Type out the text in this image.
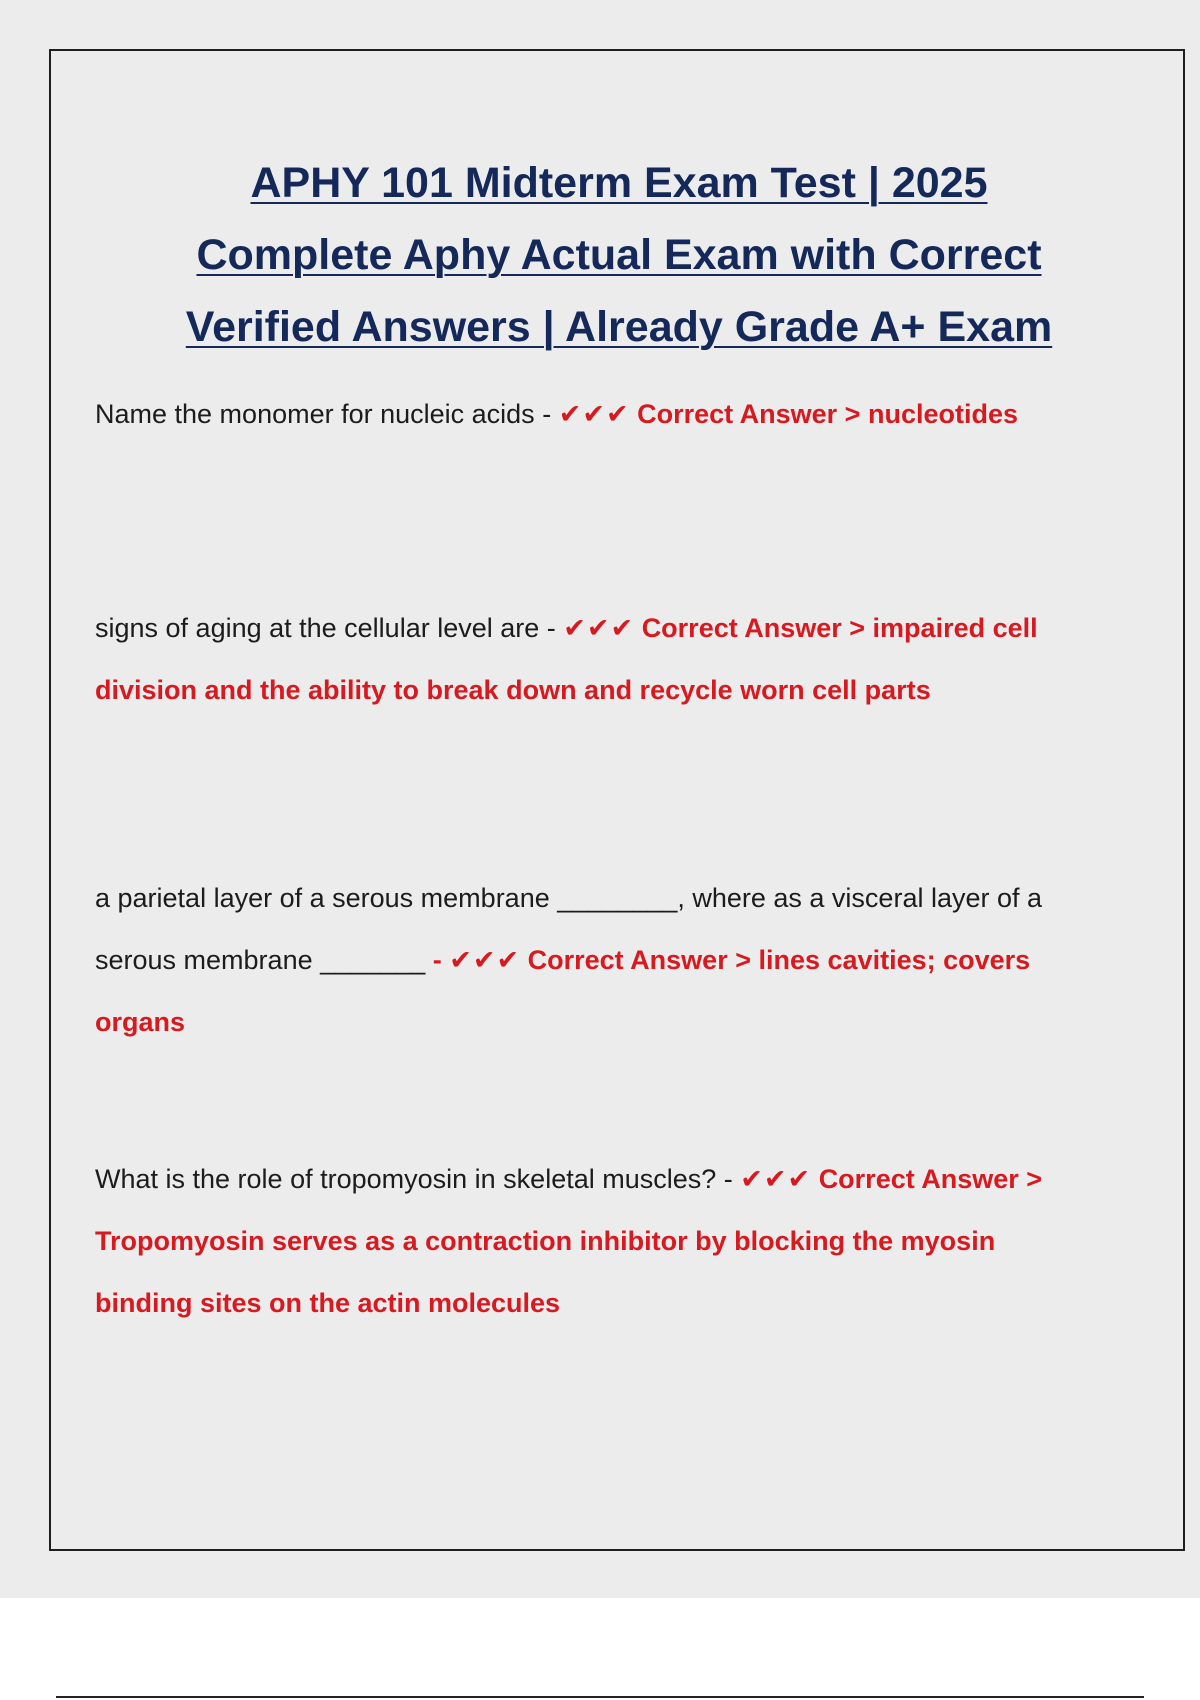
APHY 101 Midterm Exam Test | 2025
Complete Aphy Actual Exam with Correct
Verified Answers | Already Grade A+ Exam
Name the monomer for nucleic acids - ✔✔✔ Correct Answer > nucleotides
signs of aging at the cellular level are - ✔✔✔ Correct Answer > impaired cell division and the ability to break down and recycle worn cell parts
a parietal layer of a serous membrane ________, where as a visceral layer of a serous membrane _______ - ✔✔✔ Correct Answer > lines cavities; covers organs
What is the role of tropomyosin in skeletal muscles? - ✔✔✔ Correct Answer > Tropomyosin serves as a contraction inhibitor by blocking the myosin binding sites on the actin molecules
